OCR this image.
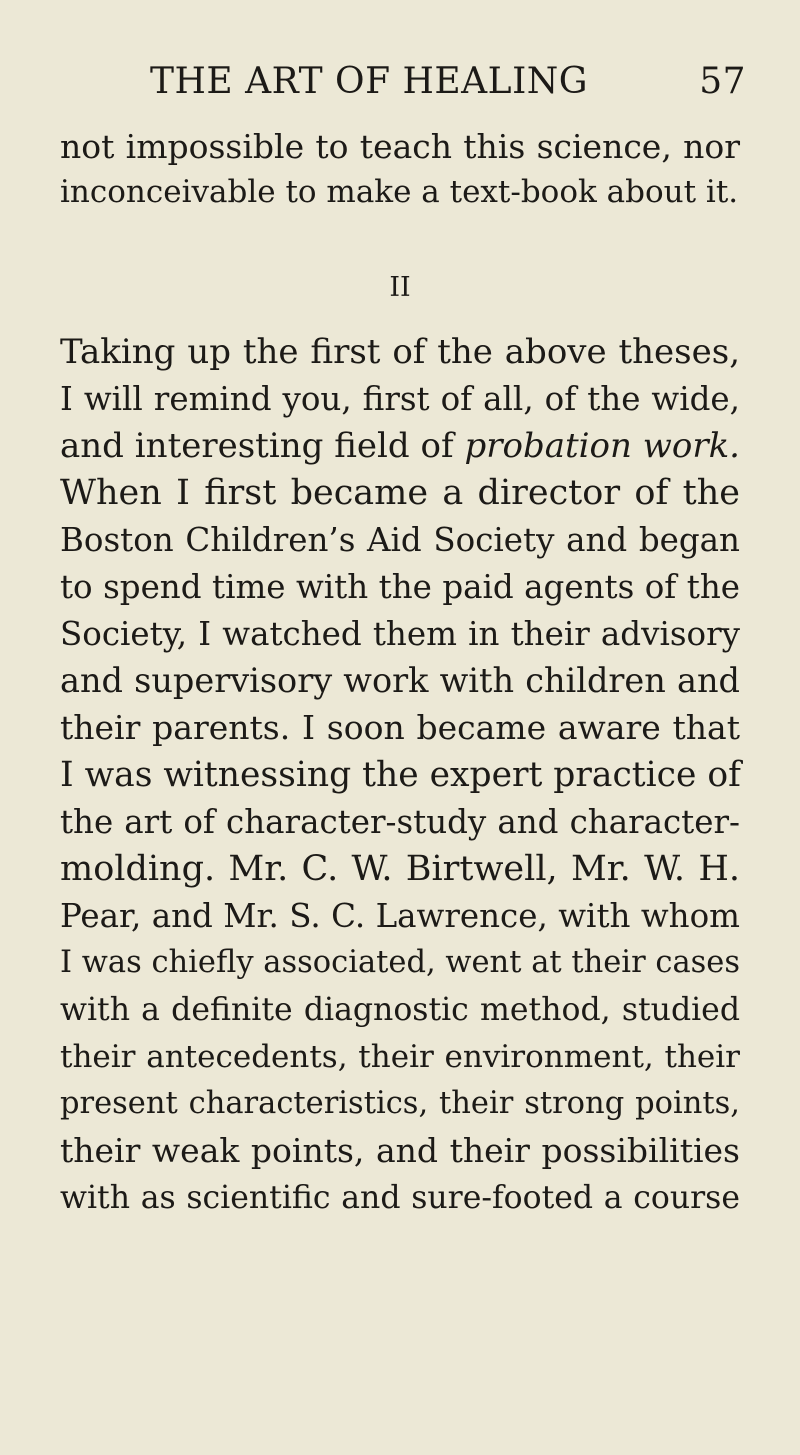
THE ART OF HEALING	57
not impossible to teach this science, nor
inconceivable to make a text-book about it.
II
Taking up the first of the above theses,
I will remind you, first of all, of the wide,
and interesting field of probation work.
When I first became a director of the
Boston Children’s Aid Society and began
to spend time with the paid agents of the
Society, I watched them in their advisory
and supervisory work with children and
their parents. I soon became aware that
I was witnessing the expert practice of
the art of character-study and character-
molding. Mr. C. W. Birtwell, Mr. W. H.
Pear, and Mr. S. C. Lawrence, with whom
I was chiefly associated, went at their cases
with a definite diagnostic method, studied
their antecedents, their environment, their
present characteristics, their strong points,
their weak points, and their possibilities
with as scientific and sure-footed a course
